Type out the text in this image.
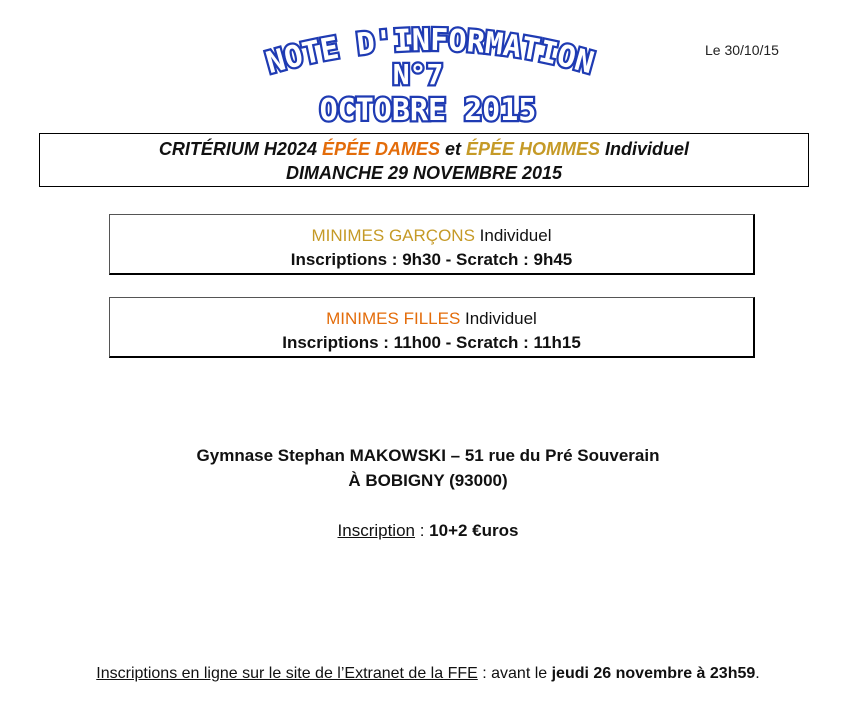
NOTE D'INFORMATION
N°7
OCTOBRE 2015
Le 30/10/15
CRITÉRIUM H2024 ÉPÉE DAMES et ÉPÉE HOMMES Individuel
DIMANCHE 29 NOVEMBRE 2015
MINIMES GARÇONS Individuel
Inscriptions : 9h30 - Scratch : 9h45
MINIMES FILLES Individuel
Inscriptions : 11h00 - Scratch : 11h15
Gymnase Stephan MAKOWSKI – 51 rue du Pré Souverain
À BOBIGNY (93000)
Inscription : 10+2 €uros
Inscriptions en ligne sur le site de l’Extranet de la FFE : avant le jeudi 26 novembre à 23h59.
